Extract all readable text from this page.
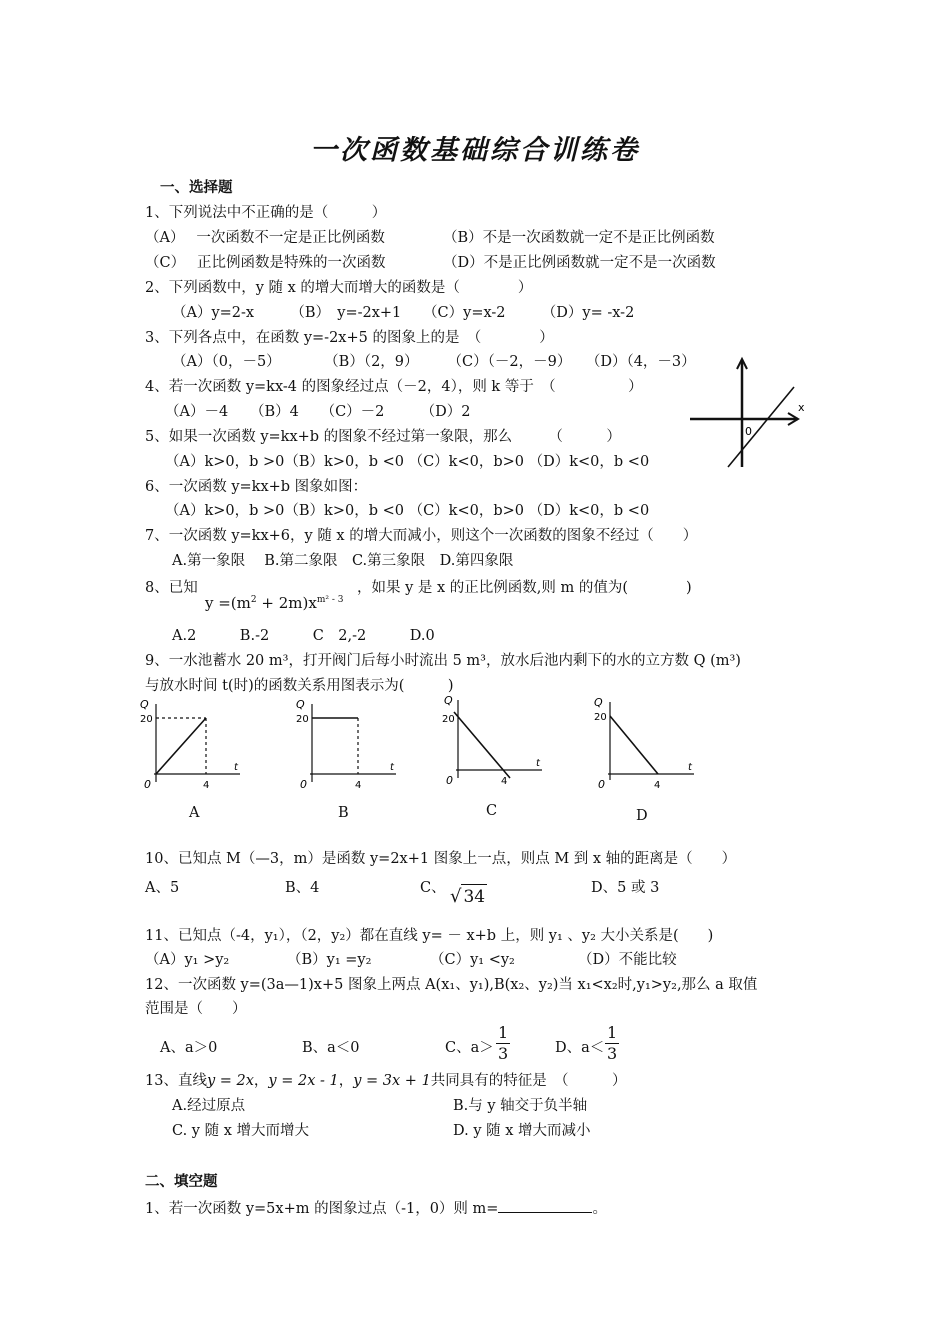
一次函数基础综合训练卷
一、选择题
1、下列说法中不正确的是（　　　）
（A）　 一次函数不一定是正比例函数	（B）不是一次函数就一定不是正比例函数
（C）　 正比例函数是特殊的一次函数	（D）不是正比例函数就一定不是一次函数
2、下列函数中，y 随 x 的增大而增大的函数是（　　　　）
（A）y=2-x　　　（B）　y=-2x+1　　（C）y=x-2　　　（D）y= -x-2
3、下列各点中，在函数 y=-2x+5 的图象上的是　（　　　　）
（A）（0，－5）　　　　（B）（2，9）　　　（C）（－2，－9）　　（D）（4，－3）
4、若一次函数 y=kx-4 的图象经过点（－2，4），则 k 等于　（　　　　　）
（A）－4　　（B）4　　（C）－2　　　（D）2	x
0
5、如果一次函数 y=kx+b 的图象不经过第一象限，那么　　　（　　　）
（A）k>0，b >0（B）k>0，b <0 （C）k<0，b>0 （D）k<0，b <0
6、一次函数 y=kx+b 图象如图：
（A）k>0，b >0（B）k>0，b <0 （C）k<0，b>0 （D）k<0，b <0
7、一次函数 y=kx+6，y 随 x 的增大而减小，则这个一次函数的图象不经过（　　）
A.第一象限　 B.第二象限　C.第三象限　D.第四象限
8、已知
$y =(m^2 + 2m)x^{m^2 - 3}$
，如果 y 是 x 的正比例函数,则 m 的值为(　　　　)
A.2　　　B.-2　　　C　2,-2　　　D.0
9、一水池蓄水 20 m³，打开阀门后每小时流出 5 m³，放水后池内剩下的水的立方数 Q (m³)
与放水时间 t(时)的函数关系用图表示为(　　　)
Q
20
0	4
t
A
Q
20
0	4
t
B
Q
20
0	4
t
C
Q
20
0	4
t
D
10、已知点 M（—3，m）是函数 y=2x+1 图象上一点，则点 M 到 x 轴的距离是（　　）
A、5	B、4	C、 √ 34	D、5 或 3
11、已知点（-4，y₁），（2，y₂）都在直线 y= － x+b 上，则 y₁ 、y₂ 大小关系是(　　)
（A）y₁ >y₂	（B）y₁ =y₂	（C）y₁ <y₂	（D）不能比较
12、一次函数 y=(3a—1)x+5 图象上两点 A(x₁、y₁),B(x₂、y₂)当 x₁<x₂时,y₁>y₂,那么 a 取值
范围是（　　）
A、a＞0	B、a＜0	C、$a> \frac{1}{3}$	D、$a< \frac{1}{3}$
13、直线y = 2x，y = 2x - 1，y = 3x + 1共同具有的特征是　（　　　）
A.经过原点	B.与 y 轴交于负半轴
C. y 随 x 增大而增大	D. y 随 x 增大而减小
二、填空题
1、若一次函数 y=5x+m 的图象过点（-1，0）则 m=	。
